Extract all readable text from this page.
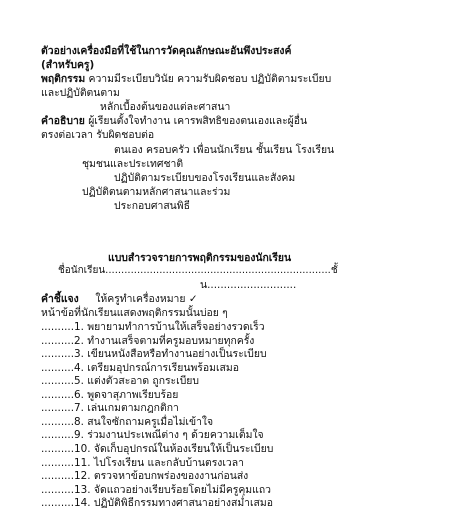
ตัวอย่างเครื่องมือที่ใช้ในการวัดคุณลักษณะอันพึงประสงค์
(สำหรับครู)
พฤติกรรม ความมีระเบียบวินัย ความรับผิดชอบ ปฏิบัติตามระเบียบ
และปฏิบัติตนตาม
หลักเบื้องต้นของแต่ละศาสนา
คำอธิบาย ผู้เรียนตั้งใจทำงาน เคารพสิทธิของตนเองและผู้อื่น
ตรงต่อเวลา รับผิดชอบต่อ
ตนเอง ครอบครัว เพื่อนนักเรียน ชั้นเรียน โรงเรียน
ชุมชนและประเทศชาติ
ปฏิบัติตามระเบียบของโรงเรียนและสังคม
ปฏิบัติตนตามหลักศาสนาและร่วม
ประกอบศาสนพิธี
แบบสำรวจรายการพฤติกรรมของนักเรียน
ชื่อนักเรียน.......................................................................ชั้
น...........................
คำชี้แจง ให้ครูทำเครื่องหมาย ✓
หน้าข้อที่นักเรียนแสดงพฤติกรรมนั้นบ่อย ๆ
..........1. พยายามทำการบ้านให้เสร็จอย่างรวดเร็ว
..........2. ทำงานเสร็จตามที่ครูมอบหมายทุกครั้ง
..........3. เขียนหนังสือหรือทำงานอย่างเป็นระเบียบ
..........4. เตรียมอุปกรณ์การเรียนพร้อมเสมอ
..........5. แต่งตัวสะอาด ถูกระเบียบ
..........6. พูดจาสุภาพเรียบร้อย
..........7. เล่นเกมตามกฎกติกา
..........8. สนใจซักถามครูเมื่อไม่เข้าใจ
..........9. ร่วมงานประเพณีต่าง ๆ ด้วยความเต็มใจ
..........10. จัดเก็บอุปกรณ์ในห้องเรียนให้เป็นระเบียบ
..........11. ไปโรงเรียน และกลับบ้านตรงเวลา
..........12. ตรวจหาข้อบกพร่องของงานก่อนส่ง
..........13. จัดแถวอย่างเรียบร้อยโดยไม่มีครูคุมแถว
..........14. ปฏิบัติพิธีกรรมทางศาสนาอย่างสม่ำเสมอ
